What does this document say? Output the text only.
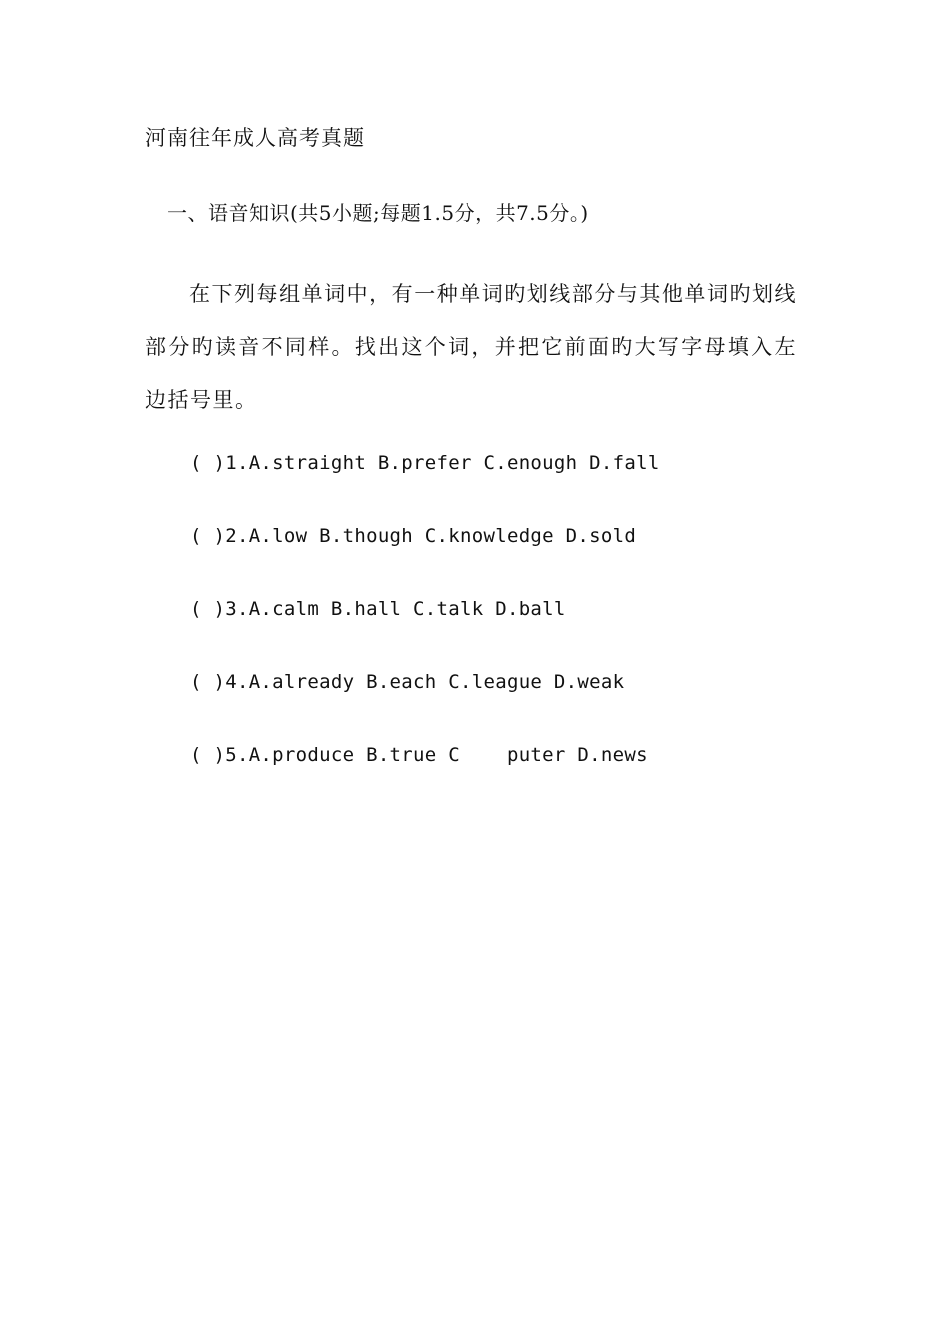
河南往年成人高考真题
一、语音知识(共5小题;每题1.5分，共7.5分。)
在下列每组单词中，有一种单词旳划线部分与其他单词旳划线部分旳读音不同样。找出这个词，并把它前面旳大写字母填入左边括号里。
( )1.A.straight B.prefer C.enough D.fall
( )2.A.low B.though C.knowledge D.sold
( )3.A.calm B.hall C.talk D.ball
( )4.A.already B.each C.league D.weak
( )5.A.produce B.true C    puter D.news
